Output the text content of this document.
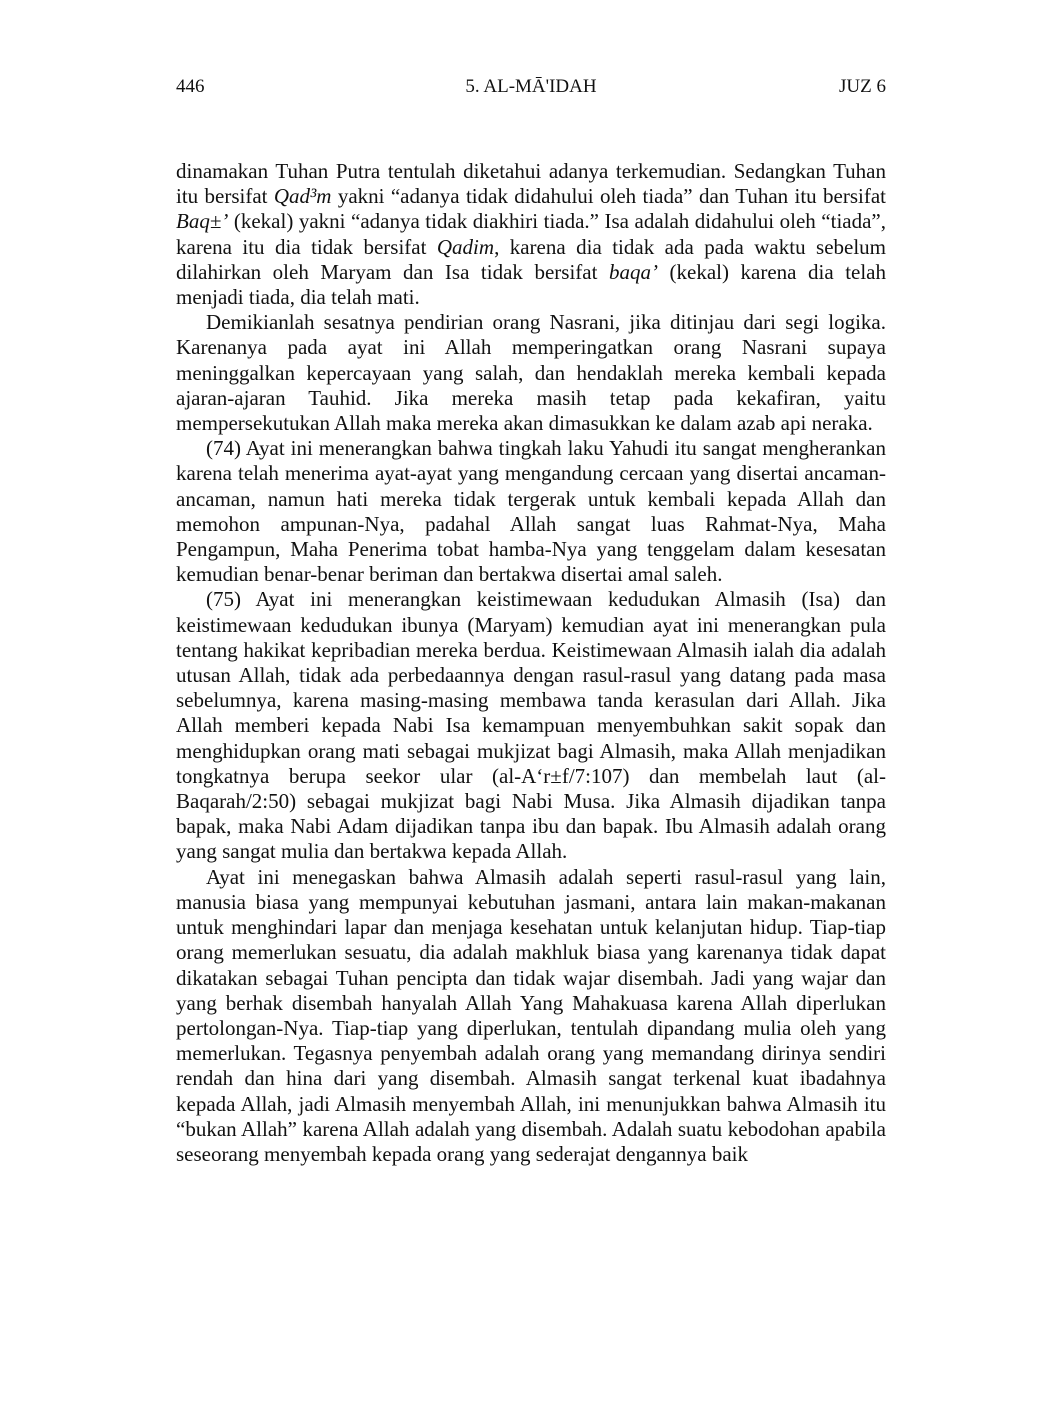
446	5. AL-MĀ'IDAH	JUZ 6

dinamakan Tuhan Putra tentulah diketahui adanya terkemudian. Sedangkan Tuhan itu bersifat Qad³m yakni “adanya tidak didahului oleh tiada” dan Tuhan itu bersifat Baq±’ (kekal) yakni “adanya tidak diakhiri tiada.” Isa adalah didahului oleh “tiada”, karena itu dia tidak bersifat Qadim, karena dia tidak ada pada waktu sebelum dilahirkan oleh Maryam dan Isa tidak bersifat baqa’ (kekal) karena dia telah menjadi tiada, dia telah mati.

Demikianlah sesatnya pendirian orang Nasrani, jika ditinjau dari segi logika. Karenanya pada ayat ini Allah memperingatkan orang Nasrani supaya meninggalkan kepercayaan yang salah, dan hendaklah mereka kembali kepada ajaran-ajaran Tauhid. Jika mereka masih tetap pada kekafiran, yaitu mempersekutukan Allah maka mereka akan dimasukkan ke dalam azab api neraka.

(74) Ayat ini menerangkan bahwa tingkah laku Yahudi itu sangat mengherankan karena telah menerima ayat-ayat yang mengandung cercaan yang disertai ancaman-ancaman, namun hati mereka tidak tergerak untuk kembali kepada Allah dan memohon ampunan-Nya, padahal Allah sangat luas Rahmat-Nya, Maha Pengampun, Maha Penerima tobat hamba-Nya yang tenggelam dalam kesesatan kemudian benar-benar beriman dan bertakwa disertai amal saleh.

(75) Ayat ini menerangkan keistimewaan kedudukan Almasih (Isa) dan keistimewaan kedudukan ibunya (Maryam) kemudian ayat ini menerangkan pula tentang hakikat kepribadian mereka berdua. Keistimewaan Almasih ialah dia adalah utusan Allah, tidak ada perbedaannya dengan rasul-rasul yang datang pada masa sebelumnya, karena masing-masing membawa tanda kerasulan dari Allah. Jika Allah memberi kepada Nabi Isa kemampuan menyembuhkan sakit sopak dan menghidupkan orang mati sebagai mukjizat bagi Almasih, maka Allah menjadikan tongkatnya berupa seekor ular (al-A‘r±f/7:107) dan membelah laut (al-Baqarah/2:50) sebagai mukjizat bagi Nabi Musa. Jika Almasih dijadikan tanpa bapak, maka Nabi Adam dijadikan tanpa ibu dan bapak. Ibu Almasih adalah orang yang sangat mulia dan bertakwa kepada Allah.

Ayat ini menegaskan bahwa Almasih adalah seperti rasul-rasul yang lain, manusia biasa yang mempunyai kebutuhan jasmani, antara lain makan-makanan untuk menghindari lapar dan menjaga kesehatan untuk kelanjutan hidup. Tiap-tiap orang memerlukan sesuatu, dia adalah makhluk biasa yang karenanya tidak dapat dikatakan sebagai Tuhan pencipta dan tidak wajar disembah. Jadi yang wajar dan yang berhak disembah hanyalah Allah Yang Mahakuasa karena Allah diperlukan pertolongan-Nya. Tiap-tiap yang diperlukan, tentulah dipandang mulia oleh yang memerlukan. Tegasnya penyembah adalah orang yang memandang dirinya sendiri rendah dan hina dari yang disembah. Almasih sangat terkenal kuat ibadahnya kepada Allah, jadi Almasih menyembah Allah, ini menunjukkan bahwa Almasih itu “bukan Allah” karena Allah adalah yang disembah. Adalah suatu kebodohan apabila seseorang menyembah kepada orang yang sederajat dengannya baik
